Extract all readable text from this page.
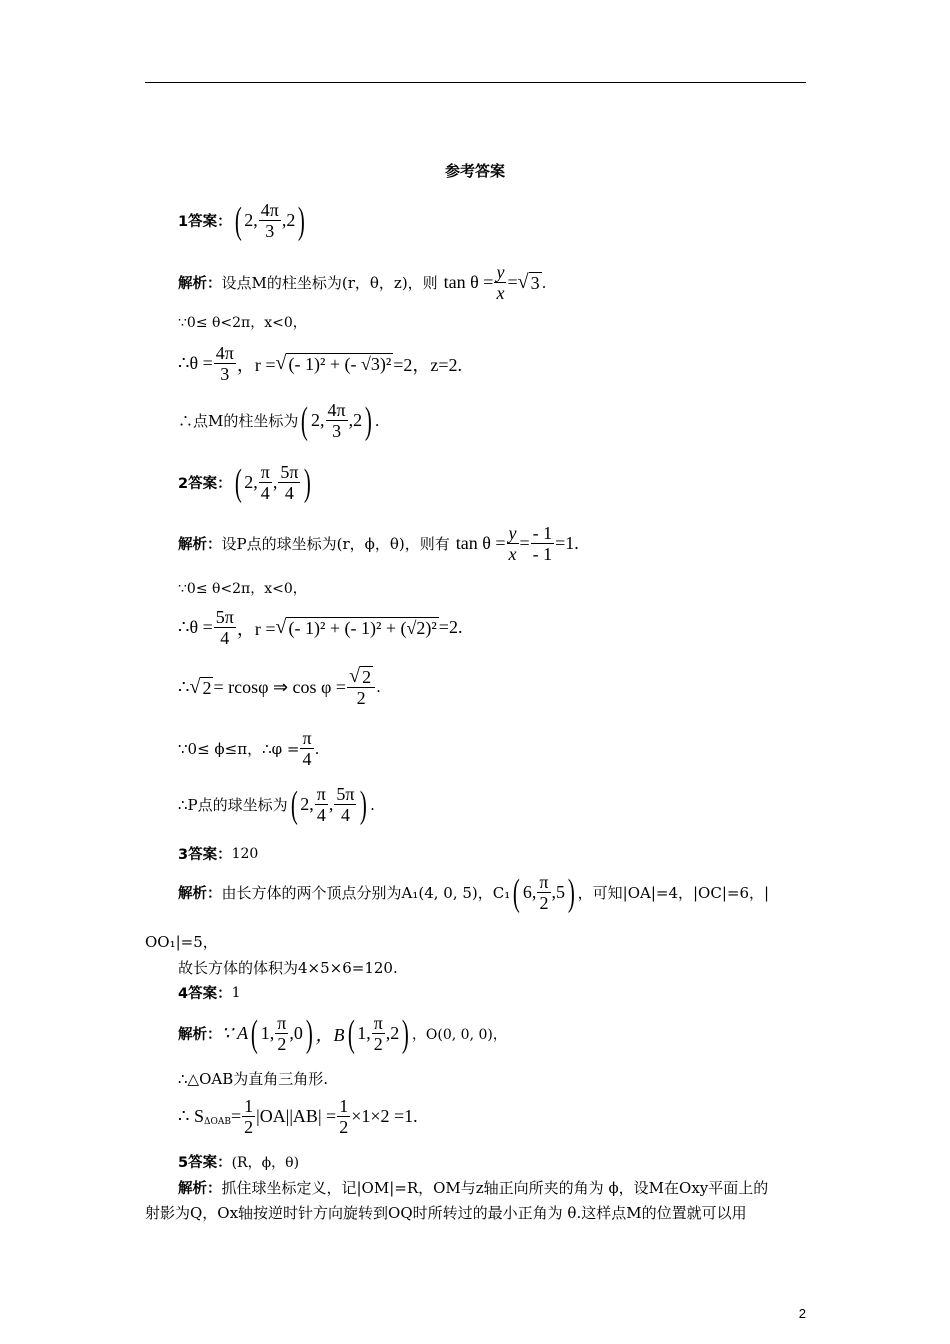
参考答案
1答案： ( 2, $\frac{4\pi}{3} ,2$ )
解析： 设点M的柱坐标为(r，θ，z)，则 $\tan \theta = \frac{y}{x}$ = √ 3 .
∵0≤ θ<2π，x<0，
∴θ = $\frac{4\pi}{3}$ ，r = √ (- 1)² + (- √3)² =2，z=2.
∴点M的柱坐标为 ( 2, $\frac{4\pi}{3} ,2$ ) .
2答案： ( 2, $\frac{\pi}{4}$ , $\frac{5\pi}{4}$ )
解析： 设P点的球坐标为(r，ϕ，θ)，则有 $\tan \theta = \frac{y}{x} = \frac{- 1}{- 1} =1$.
∵0≤ θ<2π，x<0，
∴θ = $\frac{5\pi}{4}$ ，r = √ (- 1)² + (- 1)² + (√2)² =2.
∴ √ 2 = rcosφ ⇒ $\cos \varphi = \frac{√ 2}{2}$ .
∵0≤ ϕ≤π，∴φ = $\frac{\pi}{4}$ .
∴P点的球坐标为 ( 2, $\frac{\pi}{4}$ , $\frac{5\pi}{4}$ ) .
3答案： 120
解析： 由长方体的两个顶点分别为A₁(4, 0, 5)，C₁ ( 6, $\frac{\pi}{2} ,5$ ) ，可知|OA|=4，|OC|=6，|
OO₁|=5，
故长方体的体积为4×5×6=120.
4答案： 1
解析： ∵ A ( 1, $\frac{\pi}{2} ,0$ ) ，B ( 1, $\frac{\pi}{2} ,2$ ) ，O(0, 0, 0)，
∴△OAB为直角三角形.
∴ $S_{\Delta OAB} = \frac{1}{2} |OA||AB| = \frac{1}{2} \times 1\times 2 =1$.
5答案： (R，ϕ，θ)
解析： 抓住球坐标定义，记|OM|=R，OM与z轴正向所夹的角为 ϕ，设M在Oxy平面上的
射影为Q，Ox轴按逆时针方向旋转到OQ时所转过的最小正角为 θ.这样点M的位置就可以用
2
